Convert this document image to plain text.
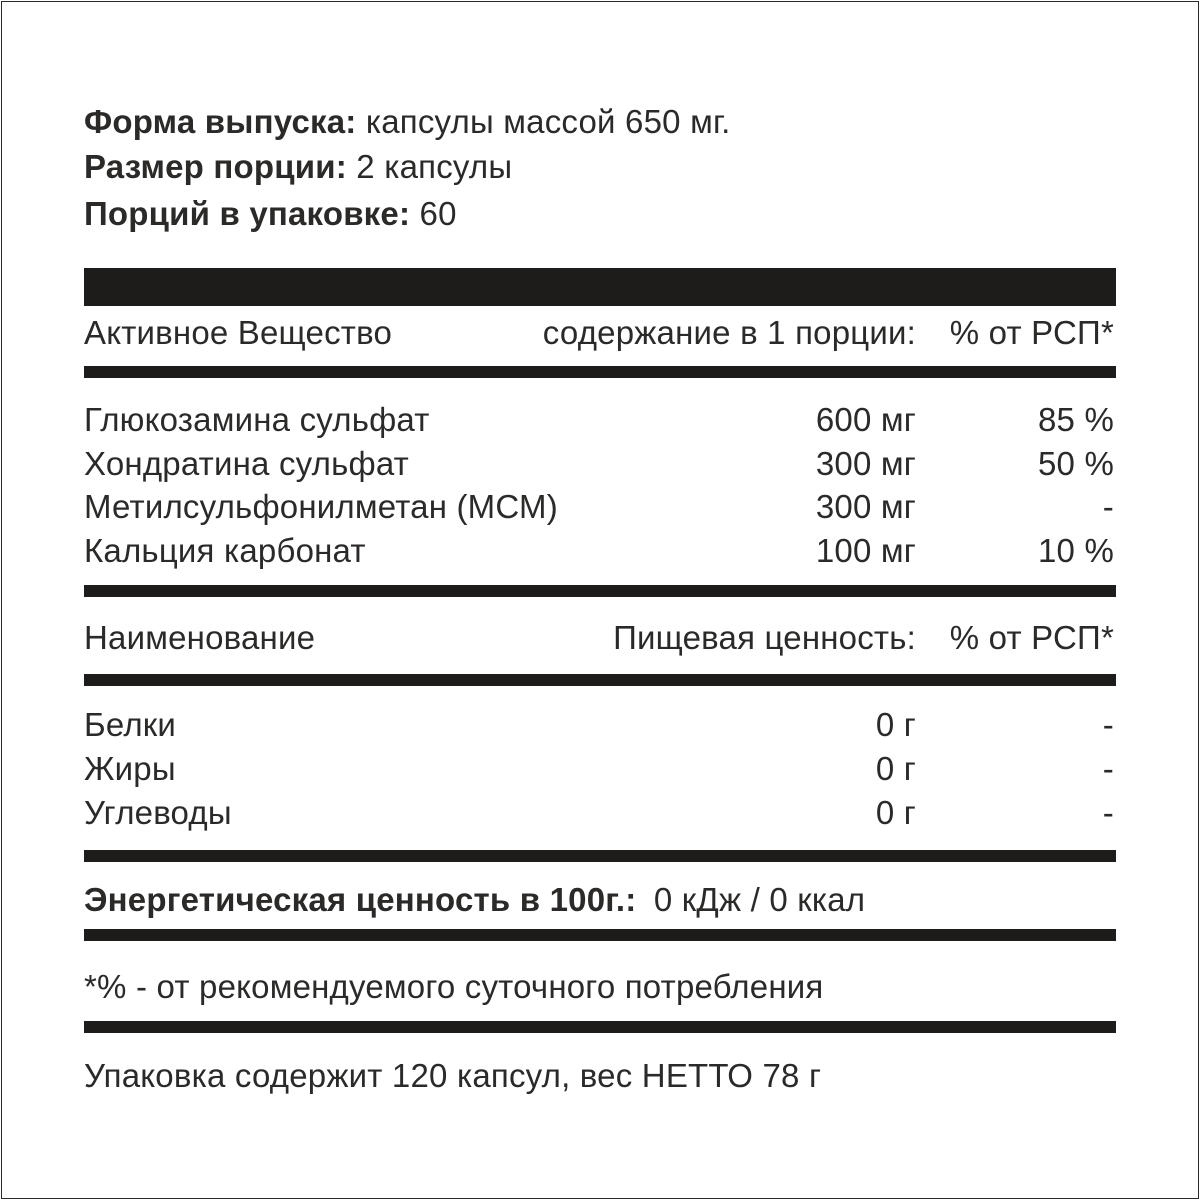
Форма выпуска: капсулы массой 650 мг.
Размер порции: 2 капсулы
Порций в упаковке: 60
Активное Вещество	содержание в 1 порции: % от РСП*
Глюкозамина сульфат	600 мг	85 %
Хондратина сульфат	300 мг	50 %
Метилсульфонилметан (МСМ)	300 мг	-
Кальция карбонат	100 мг	10 %
Наименование	Пищевая ценность: % от РСП*
Белки	0 г	-
Жиры	0 г	-
Углеводы	0 г	-
Энергетическая ценность в 100г.: 0 кДж / 0 ккал
*% - от рекомендуемого суточного потребления
Упаковка содержит 120 капсул, вес НЕТТО 78 г
